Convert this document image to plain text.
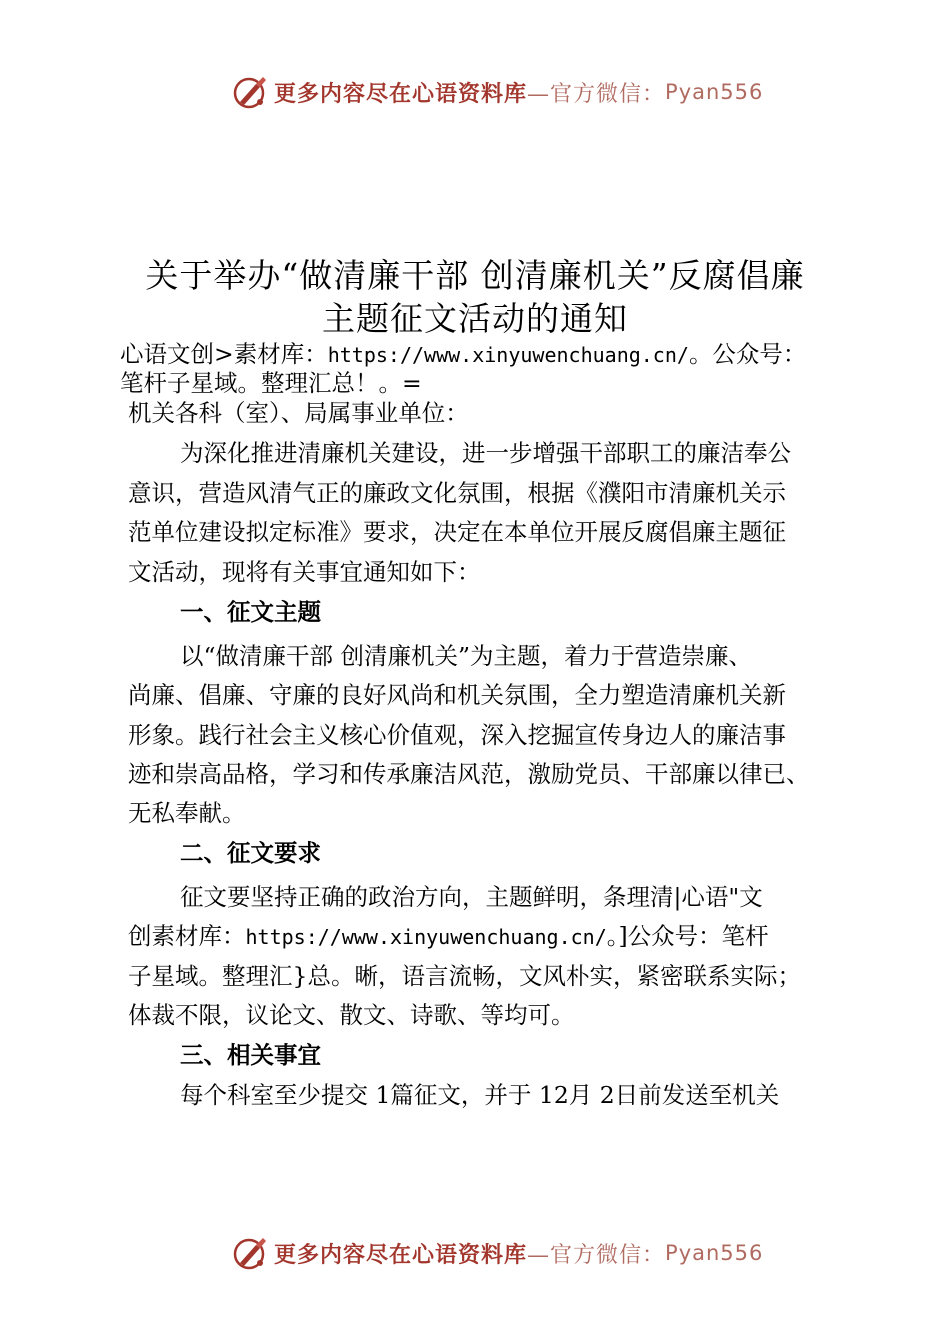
更多内容尽在心语资料库 —官方微信： Pyan556
关于举办“做清廉干部 创清廉机关”反腐倡廉
主题征文活动的通知
心语文创>素材库：https://www.xinyuwenchuang.cn/。公众号：
笔杆子星域。整理汇总！。=
机关各科（室）、局属事业单位：
为深化推进清廉机关建设，进一步增强干部职工的廉洁奉公
意识，营造风清气正的廉政文化氛围，根据《濮阳市清廉机关示
范单位建设拟定标准》要求，决定在本单位开展反腐倡廉主题征
文活动，现将有关事宜通知如下：
一、征文主题
以“做清廉干部 创清廉机关”为主题，着力于营造崇廉、
尚廉、倡廉、守廉的良好风尚和机关氛围，全力塑造清廉机关新
形象。践行社会主义核心价值观，深入挖掘宣传身边人的廉洁事
迹和崇高品格，学习和传承廉洁风范，激励党员、干部廉以律已、
无私奉献。
二、征文要求
征文要坚持正确的政治方向，主题鲜明，条理清|心语"文
创素材库：https://www.xinyuwenchuang.cn/。]公众号：笔杆
子星域。整理汇}总。晰，语言流畅，文风朴实，紧密联系实际；
体裁不限，议论文、散文、诗歌、等均可。
三、相关事宜
每个科室至少提交 1篇征文，并于 12月 2日前发送至机关
更多内容尽在心语资料库 —官方微信： Pyan556
